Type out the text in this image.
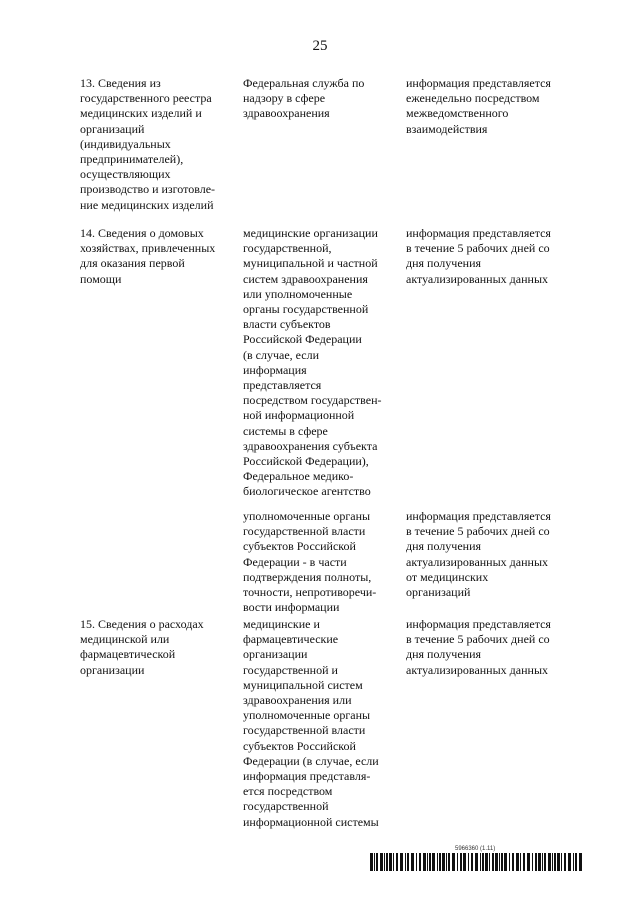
25
13. Сведения из
государственного реестра
медицинских изделий и
организаций
(индивидуальных
предпринимателей),
осуществляющих
производство и изготовле-
ние медицинских изделий
Федеральная служба по
надзору в сфере
здравоохранения
информация представляется
еженедельно посредством
межведомственного
взаимодействия
14. Сведения о домовых
хозяйствах, привлеченных
для оказания первой
помощи
медицинские организации
государственной,
муниципальной и частной
систем здравоохранения
или уполномоченные
органы государственной
власти субъектов
Российской Федерации
(в случае, если
информация
представляется
посредством государствен-
ной информационной
системы в сфере
здравоохранения субъекта
Российской Федерации),
Федеральное медико-
биологическое агентство
информация представляется
в течение 5 рабочих дней со
дня получения
актуализированных данных
уполномоченные органы
государственной власти
субъектов Российской
Федерации - в части
подтверждения полноты,
точности, непротиворечи-
вости информации
информация представляется
в течение 5 рабочих дней со
дня получения
актуализированных данных
от медицинских
организаций
15. Сведения о расходах
медицинской или
фармацевтической
организации
медицинские и
фармацевтические
организации
государственной и
муниципальной систем
здравоохранения или
уполномоченные органы
государственной власти
субъектов Российской
Федерации (в случае, если
информация представля-
ется посредством
государственной
информационной системы
информация представляется
в течение 5 рабочих дней со
дня получения
актуализированных данных
5966360 (1.11)
